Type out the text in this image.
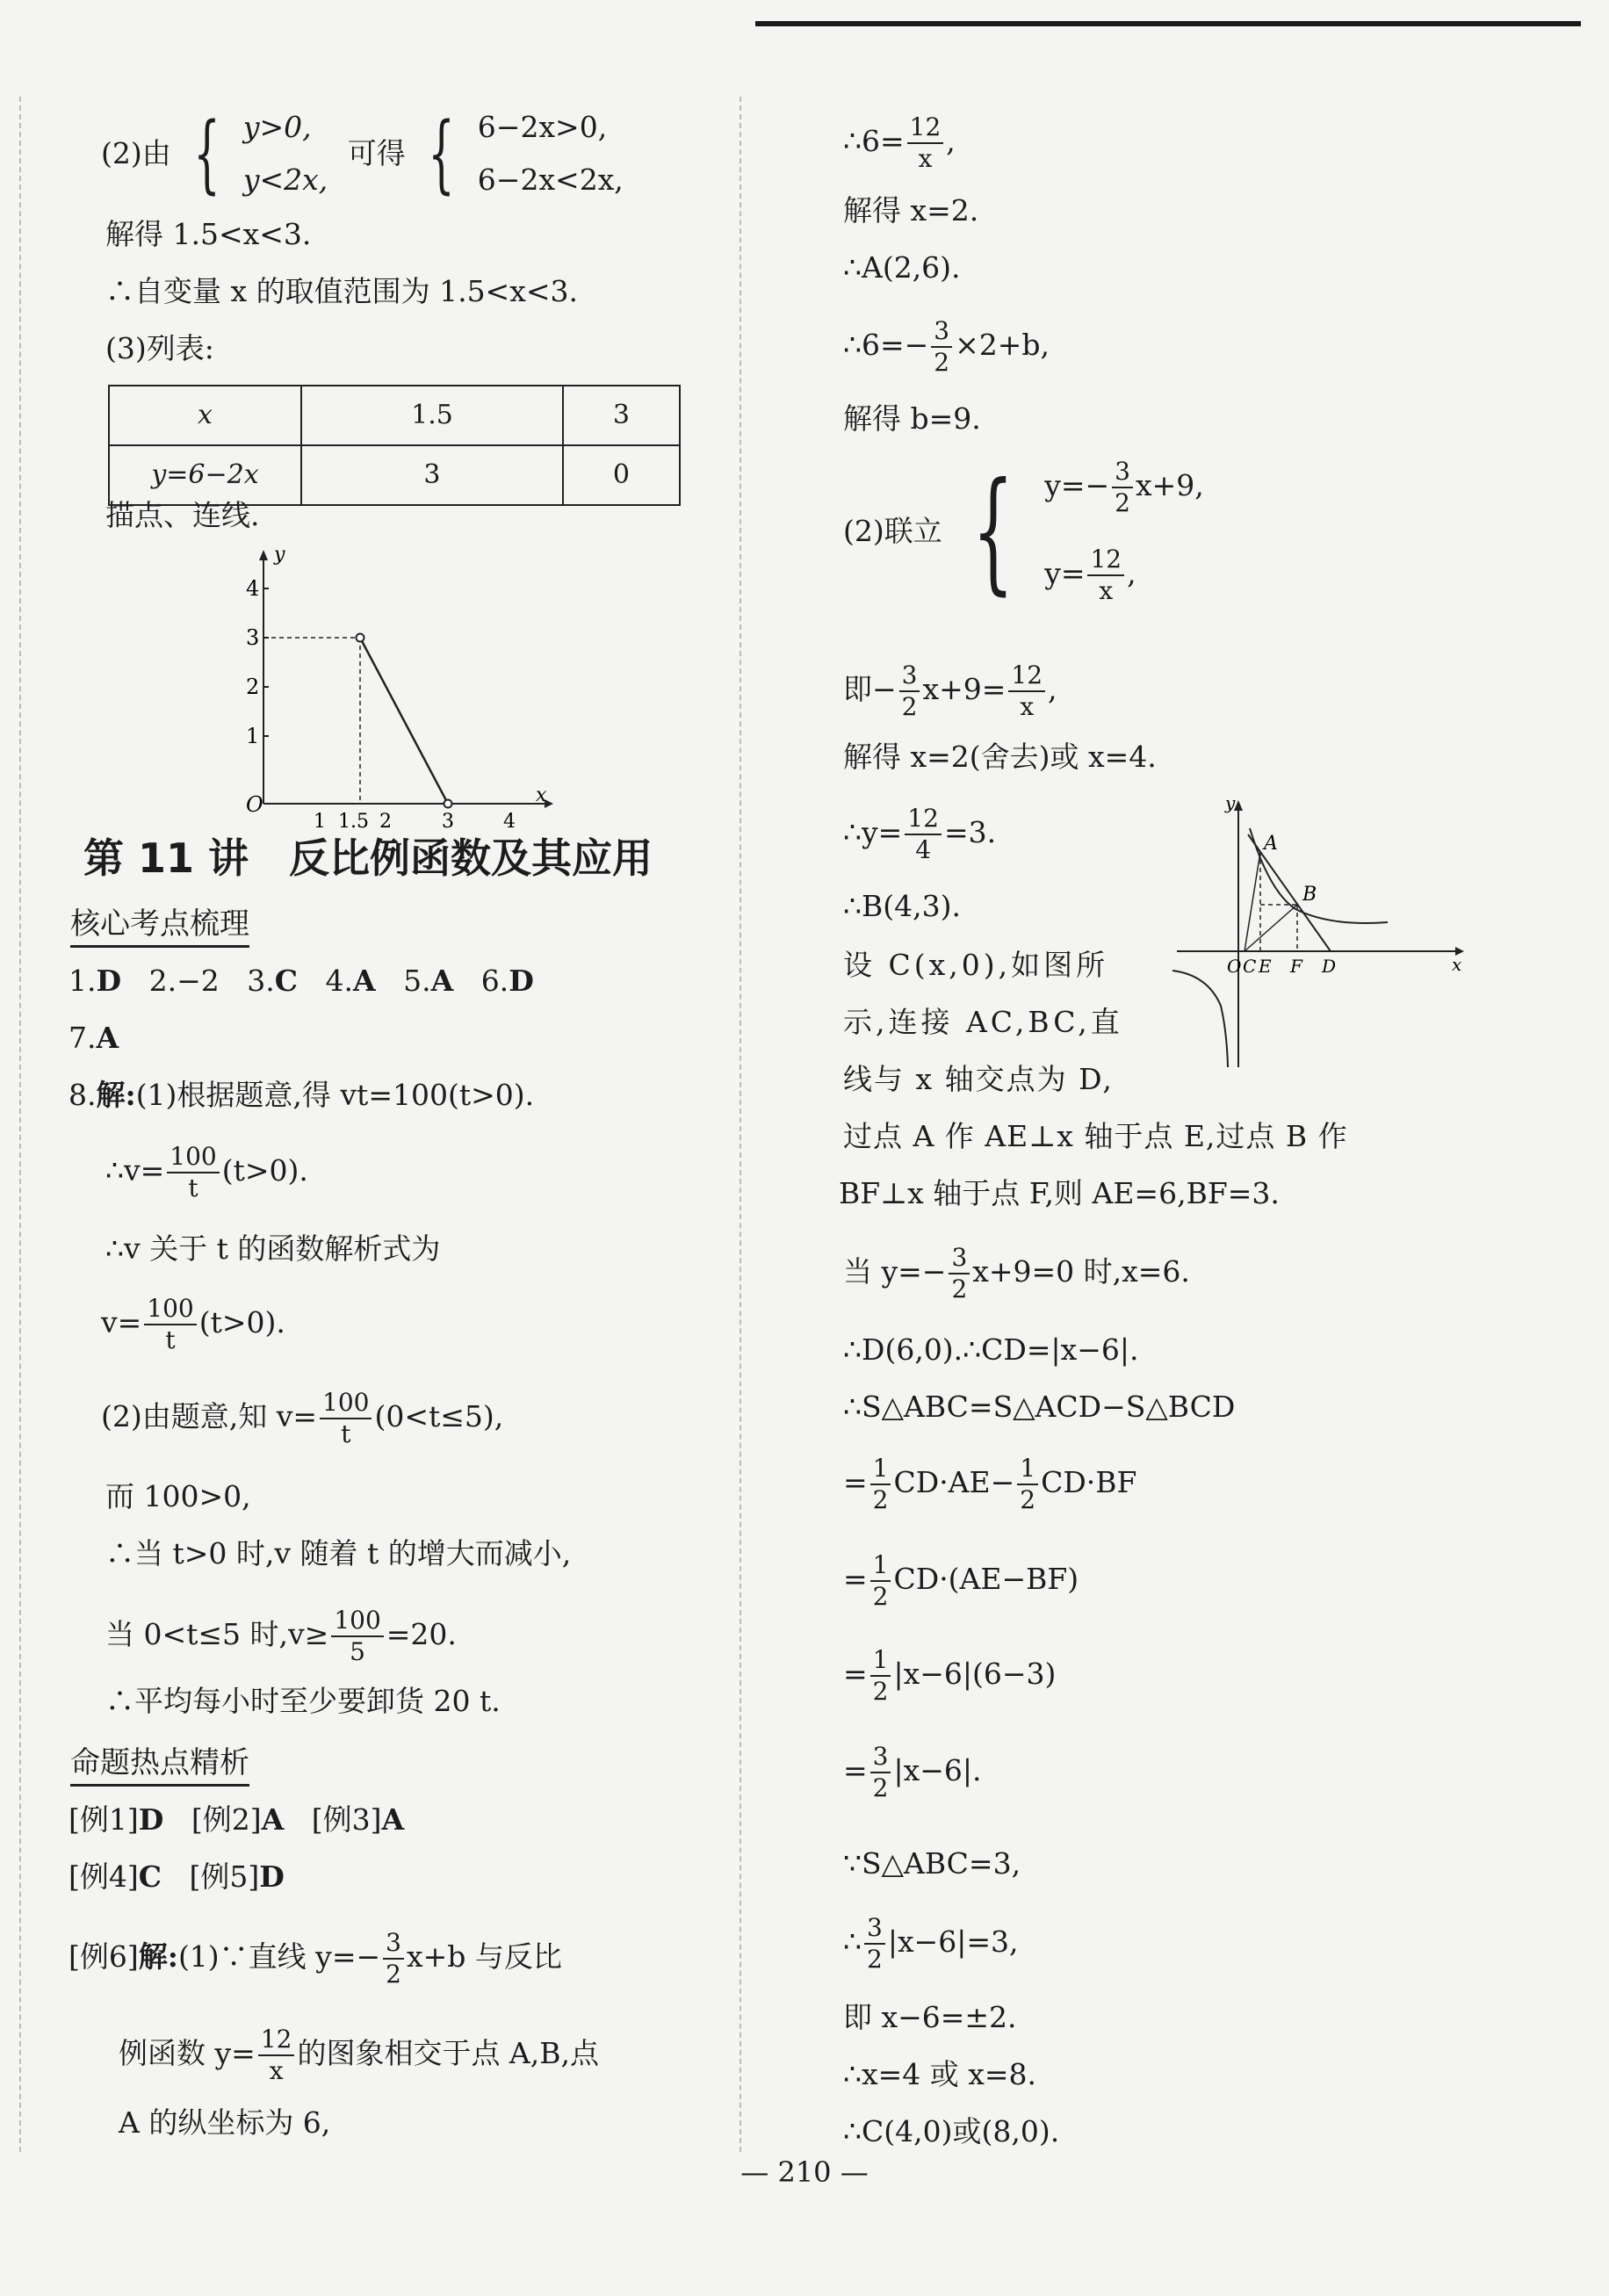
(2)由 { y>0,
y<2x,
可得 { 6−2x>0,
6−2x<2x,
解得 1.5<x<3.
∴自变量 x 的取值范围为 1.5<x<3.
(3)列表:
x	1.5	3
y=6−2x	3	0
描点、连线.
y
x
O
4
3
2
1
1 1.5 2	3	4
第 11 讲　反比例函数及其应用
核心考点梳理
1.D 2.−2 3.C 4.A 5.A 6.D
7.A
8.解:(1)根据题意,得 vt=100(t>0).
∴v= $\frac{100}{t} (t>0)$.
∴v 关于 t 的函数解析式为
$v= \frac{100}{t} (t>0)$.
(2)由题意,知 $v= \frac{100}{t} (0<t\le 5)$,
而 100>0,
∴当 t>0 时,v 随着 t 的增大而减小,
当 0<t≤5 时$,v\ge \frac{100}{5} =20$.
∴平均每小时至少要卸货 20 t.
命题热点精析
[例1]D [例2]A [例3]A
[例4]C [例5]D
[例6]解:(1)∵直线 $y=- \frac{3}{2} x+b$ 与反比
例函数 $y= \frac{12}{x}$ 的图象相交于点 A,B,点
A 的纵坐标为 6,
∴6= $\frac{12}{x}$ ,
解得 x=2.
∴A(2,6).
∴6=− $\frac{3}{2} \times 2+b$,
解得 b=9.
(2)联立 { $y=- \frac{3}{2} x+9$,
$y= \frac{12}{x}$ ,
即− $\frac{3}{2} x+9= \frac{12}{x}$ ,
解得 x=2(舍去)或 x=4.
∴y= $\frac{12}{4} =3$.
∴B(4,3).
设 C(x,0),如图所
示,连接 AC,BC,直
线与 x 轴交点为 D,
y
x
A
B
O C E F D
过点 A 作 AE⊥x 轴于点 E,过点 B 作
BF⊥x 轴于点 F,则 AE=6,BF=3.
当 $y=- \frac{3}{2} x+9=0$ 时,x=6.
∴D(6,0).∴CD=|x−6|.
∴S△ABC=S△ACD−S△BCD
= $\frac{1}{2} CD\cdot AE- \frac{1}{2} CD\cdot BF$
= $\frac{1}{2} CD\cdot(AE-BF)$
= $\frac{1}{2} |x-6|(6-3)$
= $\frac{3}{2} |x-6|$.
∵S△ABC=3,
∴ $\frac{3}{2} |x-6|=3$,
即 x−6=±2.
∴x=4 或 x=8.
∴C(4,0)或(8,0).
— 210 —
